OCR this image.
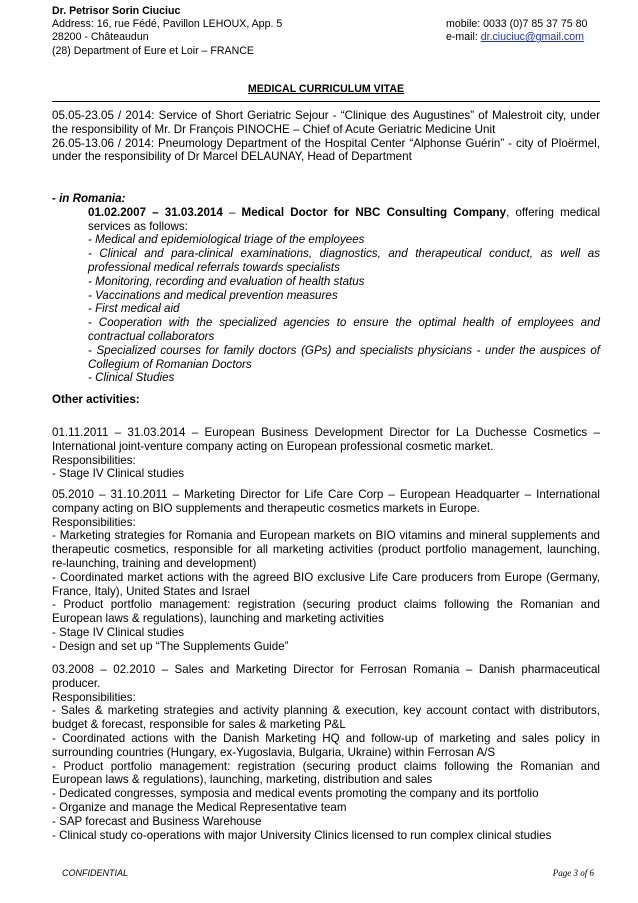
Dr. Petrisor Sorin Ciuciuc
Address: 16, rue Fédé, Pavillon LEHOUX, App. 5	mobile: 0033 (0)7 85 37 75 80
28200 - Châteaudun	e-mail: dr.ciuciuc@gmail.com
(28) Department of Eure et Loir – FRANCE
MEDICAL CURRICULUM VITAE

05.05-23.05 / 2014: Service of Short Geriatric Sejour - “Clinique des Augustines” of Malestroit city, under the responsibility of Mr. Dr François PINOCHE – Chief of Acute Geriatric Medicine Unit

26.05-13.06 / 2014: Pneumology Department of the Hospital Center “Alphonse Guérin” - city of Ploërmel, under the responsibility of Dr Marcel DELAUNAY, Head of Department

- in Romania:

01.02.2007 – 31.03.2014 – Medical Doctor for NBC Consulting Company, offering medical services as follows:

- Medical and epidemiological triage of the employees

- Clinical and para-clinical examinations, diagnostics, and therapeutical conduct, as well as professional medical referrals towards specialists

- Monitoring, recording and evaluation of health status

- Vaccinations and medical prevention measures

- First medical aid

- Cooperation with the specialized agencies to ensure the optimal health of employees and contractual collaborators

- Specialized courses for family doctors (GPs) and specialists physicians - under the auspices of Collegium of Romanian Doctors

- Clinical Studies

Other activities:

01.11.2011 – 31.03.2014 – European Business Development Director for La Duchesse Cosmetics – International joint-venture company acting on European professional cosmetic market.

Responsibilities:

- Stage IV Clinical studies

05.2010 – 31.10.2011 – Marketing Director for Life Care Corp – European Headquarter – International company acting on BIO supplements and therapeutic cosmetics markets in Europe.

Responsibilities:

- Marketing strategies for Romania and European markets on BIO vitamins and mineral supplements and therapeutic cosmetics, responsible for all marketing activities (product portfolio management, launching, re-launching, training and development)

- Coordinated market actions with the agreed BIO exclusive Life Care producers from Europe (Germany, France, Italy), United States and Israel

- Product portfolio management: registration (securing product claims following the Romanian and European laws & regulations), launching and marketing activities

- Stage IV Clinical studies

- Design and set up “The Supplements Guide”

03.2008 – 02.2010 – Sales and Marketing Director for Ferrosan Romania – Danish pharmaceutical producer.

Responsibilities:

- Sales & marketing strategies and activity planning & execution, key account contact with distributors, budget & forecast, responsible for sales & marketing P&L

- Coordinated actions with the Danish Marketing HQ and follow-up of marketing and sales policy in surrounding countries (Hungary, ex-Yugoslavia, Bulgaria, Ukraine) within Ferrosan A/S

- Product portfolio management: registration (securing product claims following the Romanian and European laws & regulations), launching, marketing, distribution and sales

- Dedicated congresses, symposia and medical events promoting the company and its portfolio

- Organize and manage the Medical Representative team

- SAP forecast and Business Warehouse

- Clinical study co-operations with major University Clinics licensed to run complex clinical studies

CONFIDENTIAL	Page 3 of 6
